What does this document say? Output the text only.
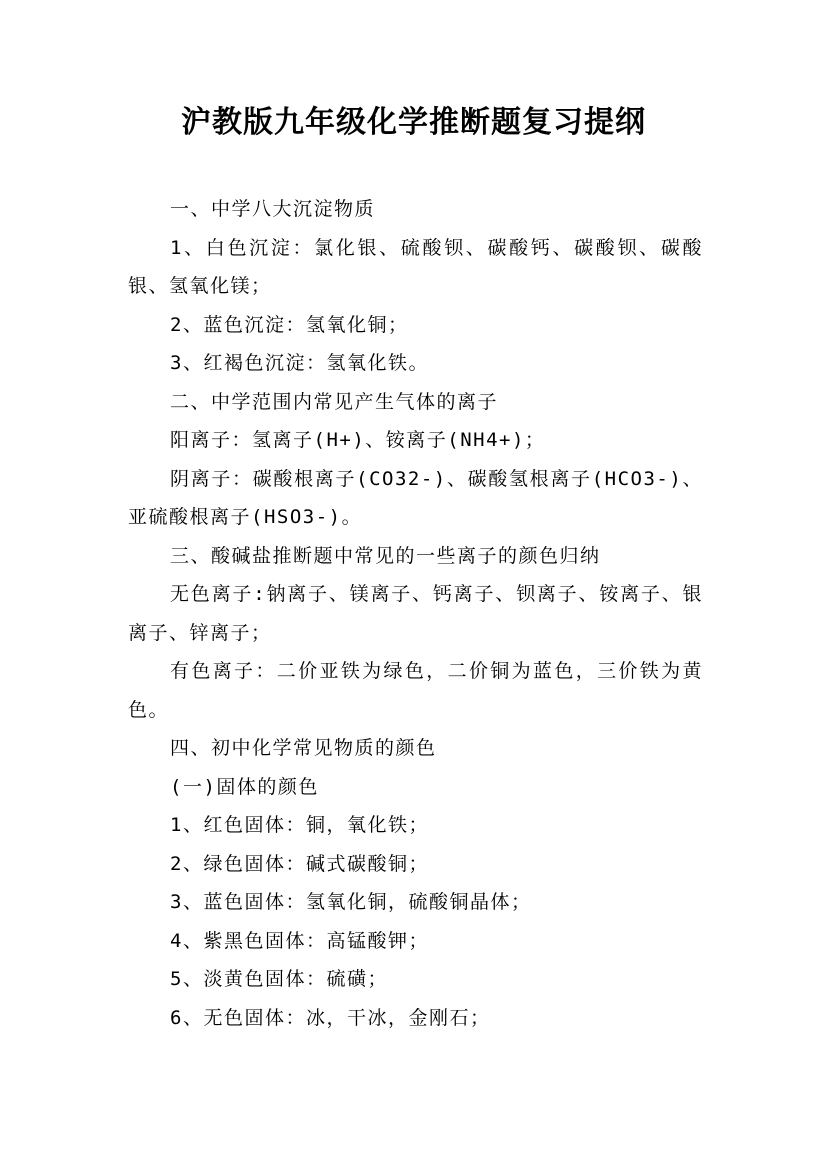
沪教版九年级化学推断题复习提纲

一、中学八大沉淀物质

1、白色沉淀：氯化银、硫酸钡、碳酸钙、碳酸钡、碳酸银、氢氧化镁；

2、蓝色沉淀：氢氧化铜；

3、红褐色沉淀：氢氧化铁。

二、中学范围内常见产生气体的离子

阳离子：氢离子(H+)、铵离子(NH4+)；

阴离子：碳酸根离子(CO32-)、碳酸氢根离子(HCO3-)、亚硫酸根离子(HSO3-)。

三、酸碱盐推断题中常见的一些离子的颜色归纳

无色离子:钠离子、镁离子、钙离子、钡离子、铵离子、银离子、锌离子；

有色离子：二价亚铁为绿色，二价铜为蓝色，三价铁为黄色。

四、初中化学常见物质的颜色

(一)固体的颜色

1、红色固体：铜，氧化铁；

2、绿色固体：碱式碳酸铜；

3、蓝色固体：氢氧化铜，硫酸铜晶体；

4、紫黑色固体：高锰酸钾；

5、淡黄色固体：硫磺；

6、无色固体：冰，干冰，金刚石；
